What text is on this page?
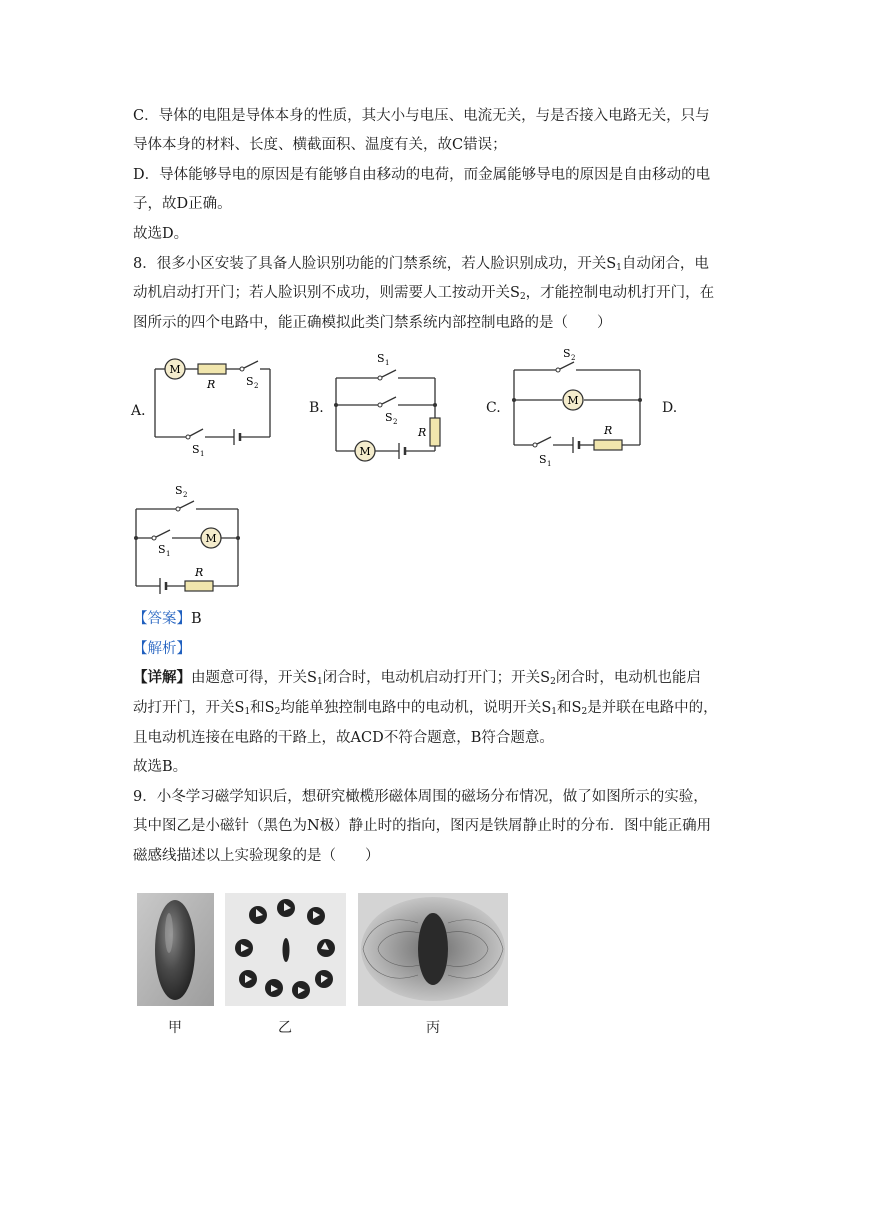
C．导体的电阻是导体本身的性质，其大小与电压、电流无关，与是否接入电路无关，只与
导体本身的材料、长度、横截面积、温度有关，故C错误；
D．导体能够导电的原因是有能够自由移动的电荷，而金属能够导电的原因是自由移动的电
子，故D正确。
故选D。
8．很多小区安装了具备人脸识别功能的门禁系统，若人脸识别成功，开关$S_1$自动闭合，电
动机启动打开门；若人脸识别不成功，则需要人工按动开关$S_2$，才能控制电动机打开门，在
图所示的四个电路中，能正确模拟此类门禁系统内部控制电路的是（　　）
A．	B.	C.	D.
M
R	S 2
S 1	M
R
S 1
S 2
M
R
S 2
S 1
M
R
S 2
S 1
【答案】B
【解析】
【详解】由题意可得，开关$S_1$闭合时，电动机启动打开门；开关$S_2$闭合时，电动机也能启
动打开门，开关$S_1$和$S_2$均能单独控制电路中的电动机，说明开关$S_1$和$S_2$是并联在电路中的，
且电动机连接在电路的干路上，故ACD不符合题意，B符合题意。
故选B。
9．小冬学习磁学知识后，想研究橄榄形磁体周围的磁场分布情况，做了如图所示的实验，
其中图乙是小磁针（黑色为N极）静止时的指向，图丙是铁屑静止时的分布．图中能正确用
磁感线描述以上实验现象的是（　　）
甲	乙	丙
